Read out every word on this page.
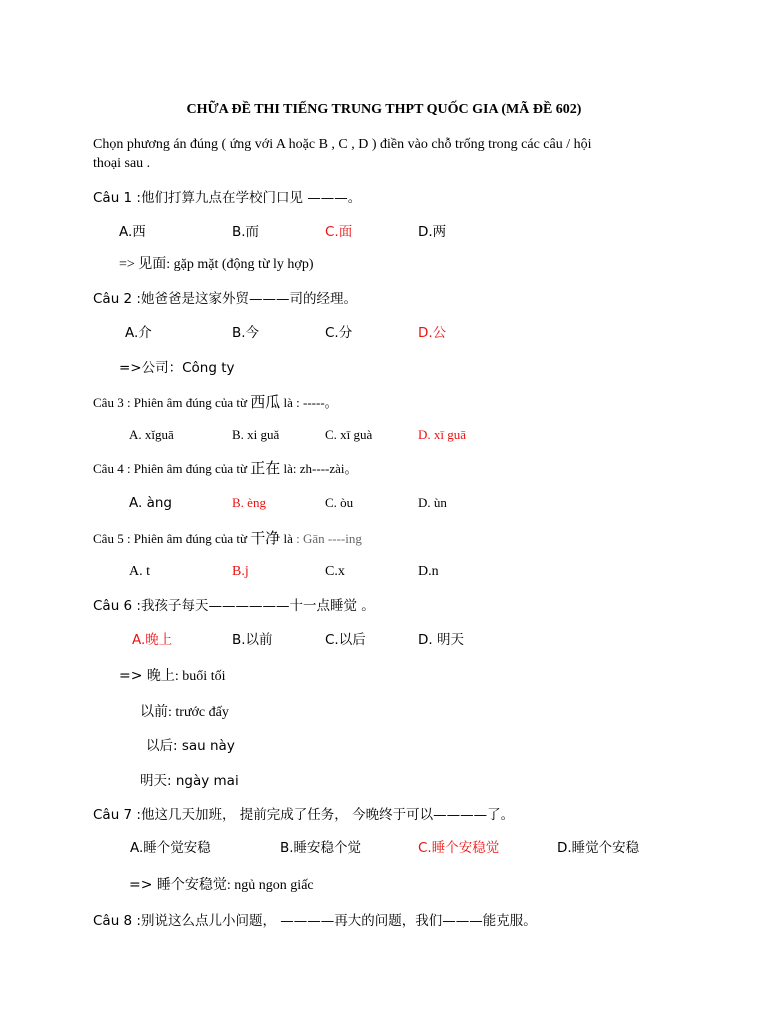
CHỮA ĐỀ THI TIẾNG TRUNG THPT QUỐC GIA (MÃ ĐỀ 602)
Chọn phương án đúng ( ứng với A hoặc B , C , D ) điền vào chỗ trống trong các câu / hội
thoại sau .
Câu 1 :他们打算九点在学校门口见 ———。
A.西	B.而	C.面	D.两
=> 见面: gặp mặt (động từ ly hợp)
Câu 2 :她爸爸是这家外贸———司的经理。
A.介	B.今	C.分	D.公
=>公司：Công ty
Câu 3 : Phiên âm đúng của từ 西瓜 là : -----。
A. xǐguā	B. xi guǎ	C. xī guà	D. xī guā
Câu 4 : Phiên âm đúng của từ 正在 là: zh----zài。
A. àng	B. èng	C. òu	D. ùn
Câu 5 : Phiên âm đúng của từ 干净 là : Gān ----ing
A. t	B.j	C.x	D.n
Câu 6 :我孩子每天——————十一点睡觉 。
A.晚上	B.以前	C.以后	D. 明天
=> 晚上: buổi tối
以前: trước đấy
以后: sau này
明天: ngày mai
Câu 7 :他这几天加班， 提前完成了任务， 今晚终于可以————了。
A.睡个觉安稳	B.睡安稳个觉	C.睡个安稳觉	D.睡觉个安稳
=> 睡个安稳觉: ngủ ngon giấc
Câu 8 :别说这么点儿小问题， ————再大的问题，我们———能克服。
